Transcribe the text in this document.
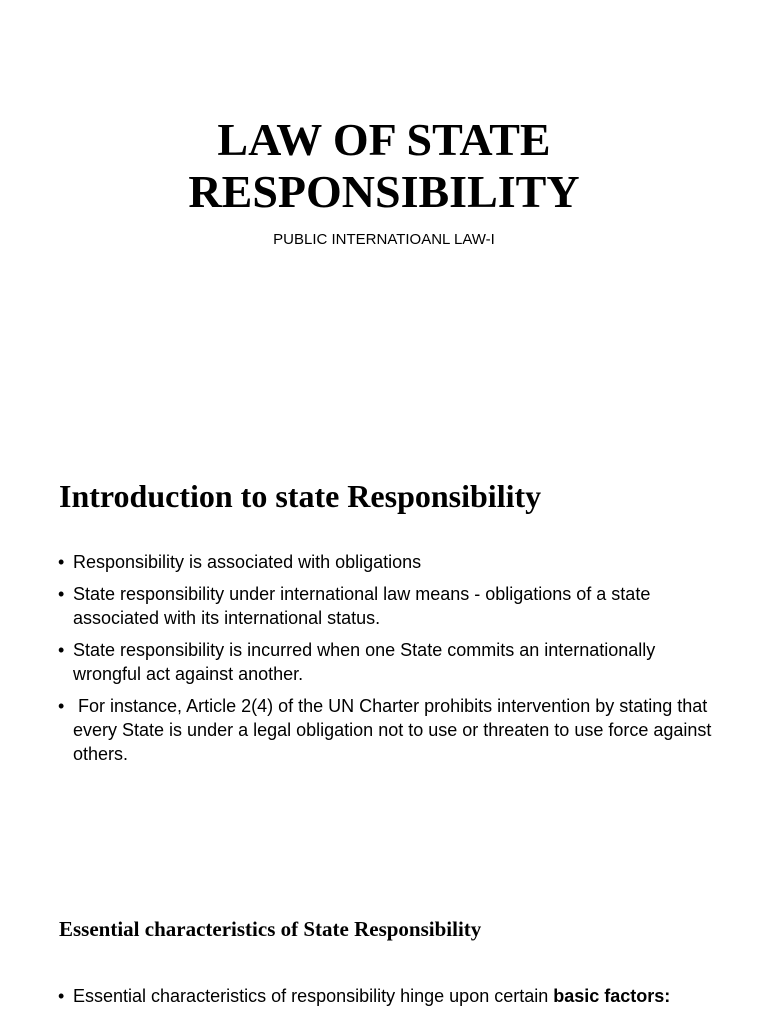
LAW OF STATE
RESPONSIBILITY
PUBLIC INTERNATIOANL LAW-I
Introduction to state Responsibility
• Responsibility is associated with obligations
• State responsibility under international law means - obligations of a state associated with its international status.
• State responsibility is incurred when one State commits an internationally wrongful act against another.
• For instance, Article 2(4) of the UN Charter prohibits intervention by stating that every State is under a legal obligation not to use or threaten to use force against others.
Essential characteristics of State Responsibility
• Essential characteristics of responsibility hinge upon certain basic factors:
